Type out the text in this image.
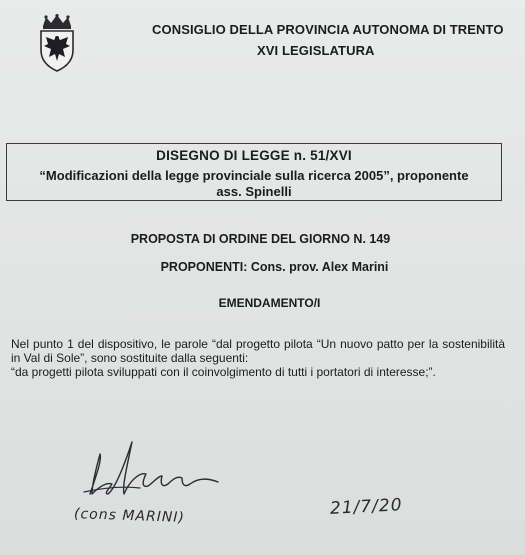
CONSIGLIO DELLA PROVINCIA AUTONOMA DI TRENTO
XVI LEGISLATURA
DISEGNO DI LEGGE n. 51/XVI
“Modificazioni della legge provinciale sulla ricerca 2005”, proponente ass. Spinelli
PROPOSTA DI ORDINE DEL GIORNO N. 149
PROPONENTI: Cons. prov. Alex Marini
EMENDAMENTO/I

Nel punto 1 del dispositivo, le parole “dal progetto pilota “Un nuovo patto per la sostenibilità in Val di Sole”, sono sostituite dalla seguenti:

“da progetti pilota sviluppati con il coinvolgimento di tutti i portatori di interesse;”.

(cons MARINI)	21/7/20
